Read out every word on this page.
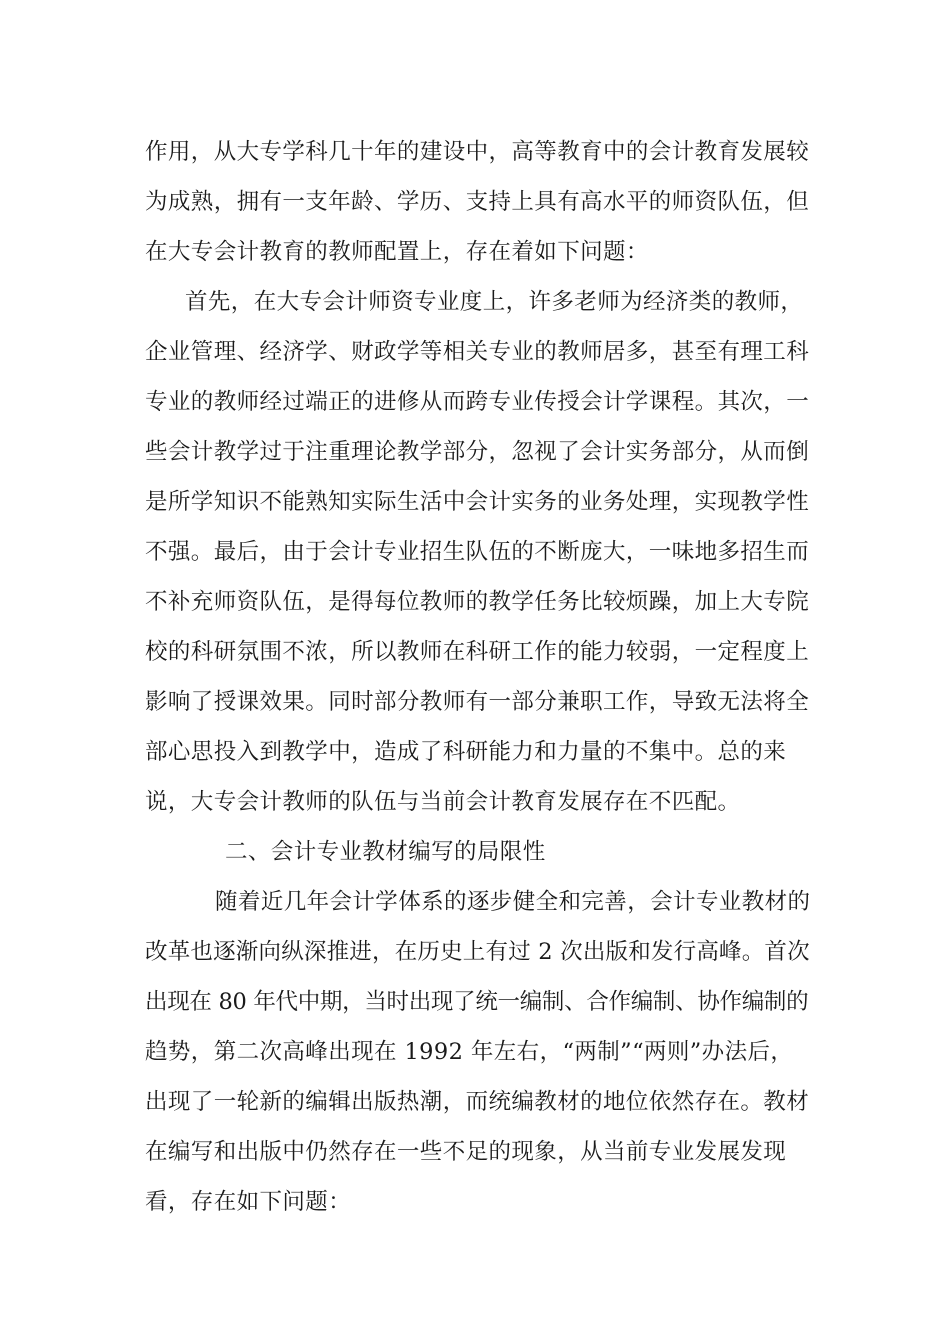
作用，从大专学科几十年的建设中，高等教育中的会计教育发展较
为成熟，拥有一支年龄、学历、支持上具有高水平的师资队伍，但
在大专会计教育的教师配置上，存在着如下问题：
首先，在大专会计师资专业度上，许多老师为经济类的教师，
企业管理、经济学、财政学等相关专业的教师居多，甚至有理工科
专业的教师经过端正的进修从而跨专业传授会计学课程。其次，一
些会计教学过于注重理论教学部分，忽视了会计实务部分，从而倒
是所学知识不能熟知实际生活中会计实务的业务处理，实现教学性
不强。最后，由于会计专业招生队伍的不断庞大，一味地多招生而
不补充师资队伍，是得每位教师的教学任务比较烦躁，加上大专院
校的科研氛围不浓，所以教师在科研工作的能力较弱，一定程度上
影响了授课效果。同时部分教师有一部分兼职工作，导致无法将全
部心思投入到教学中，造成了科研能力和力量的不集中。总的来
说，大专会计教师的队伍与当前会计教育发展存在不匹配。
二、会计专业教材编写的局限性
随着近几年会计学体系的逐步健全和完善，会计专业教材的
改革也逐渐向纵深推进，在历史上有过 2 次出版和发行高峰。首次
出现在 80 年代中期，当时出现了统一编制、合作编制、协作编制的
趋势，第二次高峰出现在 1992 年左右，“两制”“两则”办法后，
出现了一轮新的编辑出版热潮，而统编教材的地位依然存在。教材
在编写和出版中仍然存在一些不足的现象，从当前专业发展发现
看，存在如下问题：
